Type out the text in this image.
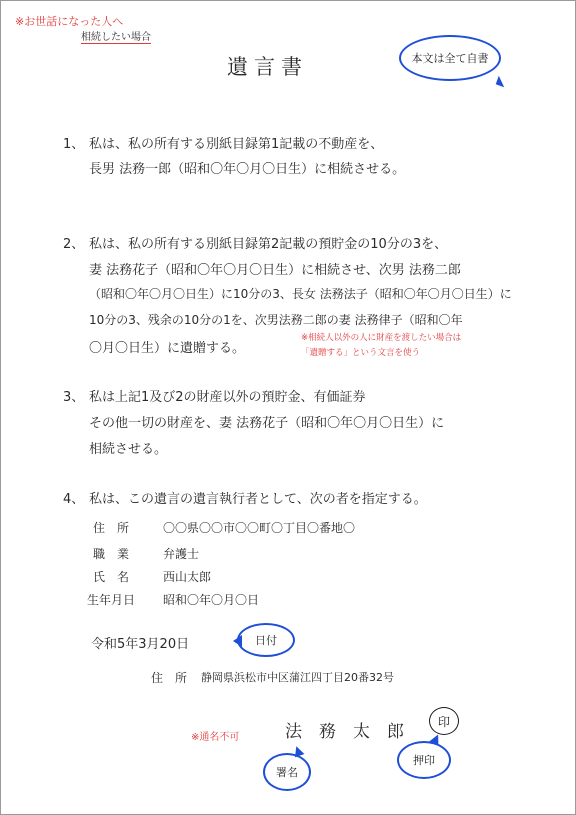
※お世話になった人へ
相続したい場合
遺言書	本文は全て自書
1、 私は、私の所有する別紙目録第1記載の不動産を、
長男 法務一郎（昭和〇年〇月〇日生）に相続させる。
2、 私は、私の所有する別紙目録第2記載の預貯金の10分の3を、
妻 法務花子（昭和〇年〇月〇日生）に相続させ、次男 法務二郎
（昭和〇年〇月〇日生）に10分の3、長女 法務法子（昭和〇年〇月〇日生）に
10分の3、残余の10分の1を、次男法務二郎の妻 法務律子（昭和〇年
〇月〇日生）に遺贈する。
※相続人以外の人に財産を渡したい場合は
「遺贈する」という文言を使う
3、 私は上記1及び2の財産以外の預貯金、有価証券
その他一切の財産を、妻 法務花子（昭和〇年〇月〇日生）に
相続させる。
4、 私は、この遺言の遺言執行者として、次の者を指定する。
住　所	〇〇県〇〇市〇〇町〇丁目〇番地〇
職　業	弁護士
氏　名	西山太郎
生年月日 昭和〇年〇月〇日
令和5年3月20日	日付
住　所 静岡県浜松市中区蒲江四丁目20番32号
※通名不可	法　務　太　郎
印
署名
押印
